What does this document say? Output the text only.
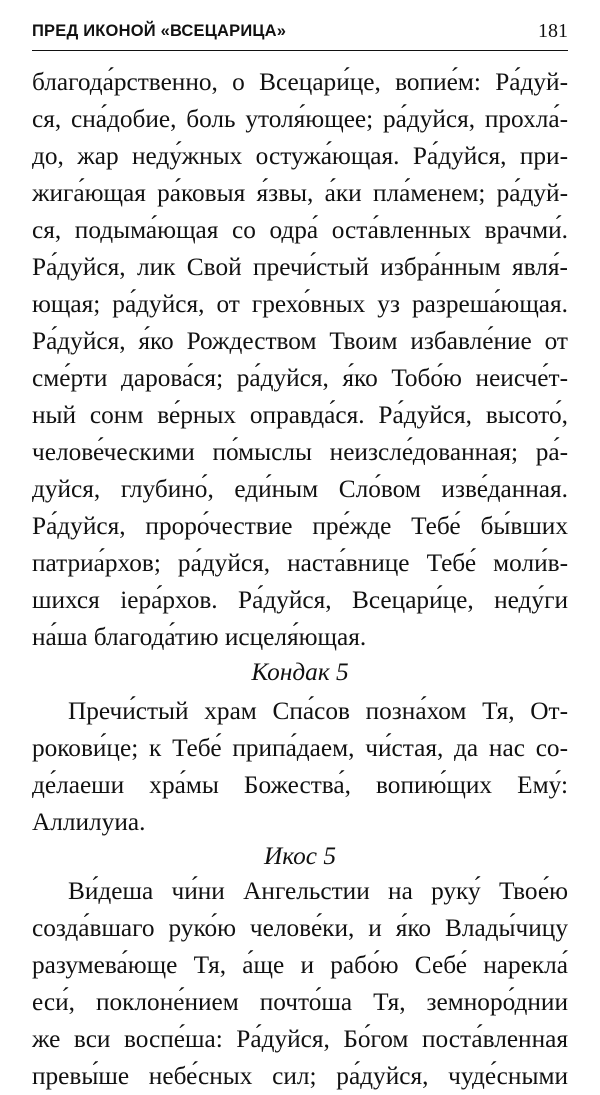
ПРЕД ИКОНОЙ «ВСЕЦАРИЦА»	181
благода́рственно, о Всецари́це, вопие́м: Ра́дуй-
ся, сна́добие, боль утоля́ющее; ра́дуйся, прохла́-
до, жар неду́жных остужа́ющая. Ра́дуйся, при-
жига́ющая ра́ковыя я́звы, а́ки пла́менем; ра́дуй-
ся, подыма́ющая со одра́ оста́вленных врачми́.
Ра́дуйся, лик Свой пречи́стый избра́нным явля́-
ющая; ра́дуйся, от грехо́вных уз разреша́ющая.
Ра́дуйся, я́ко Рождеством Твоим избавле́ние от
сме́рти дарова́ся; ра́дуйся, я́ко Тобо́ю неисче́т-
ный сонм ве́рных оправда́ся. Ра́дуйся, высото́,
челове́ческими по́мыслы неизсле́дованная; ра́-
дуйся, глубино́, еди́ным Сло́вом изве́данная.
Ра́дуйся, проро́чествие пре́жде Тебе́ бы́вших
патриа́рхов; ра́дуйся, наста́внице Тебе́ моли́в-
шихся iера́рхов. Ра́дуйся, Всецари́це, неду́ги
на́ша благода́тию исцеля́ющая.
Кондак 5
Пречи́стый храм Спа́сов позна́хом Тя, От-
рокови́це; к Тебе́ припа́даем, чи́стая, да нас со-
де́лаеши хра́мы Божества́, вопию́щих Ему́:
Аллилуиа.
Икос 5
Ви́деша чи́ни Ангельстии на руку́ Твое́ю
созда́вшаго руко́ю челове́ки, и я́ко Влады́чицу
разумева́юще Тя, а́ще и рабо́ю Себе́ нарекла́
еси́, поклоне́нием почто́ша Тя, земноро́днии
же вси воспе́ша: Ра́дуйся, Бо́гом поста́вленная
превы́ше небе́сных сил; ра́дуйся, чуде́сными
